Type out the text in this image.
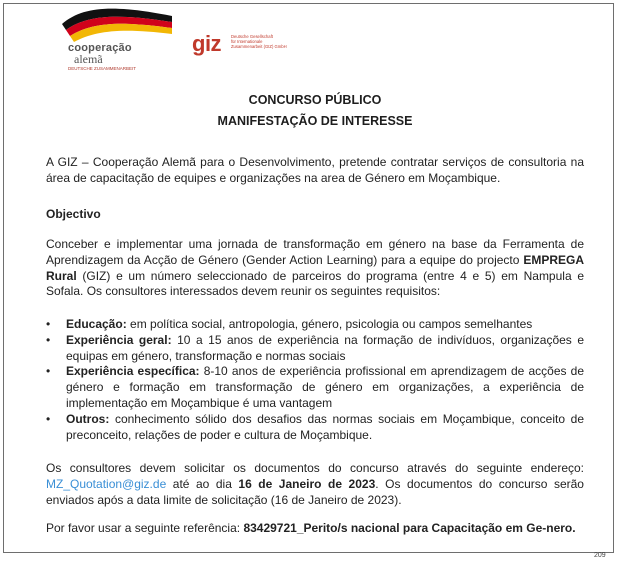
cooperação
alemã
DEUTSCHE ZUSAMMENARBEIT
giz Deutsche Gesellschaft
für Internationale
Zusammenarbeit (GIZ) GmbH
CONCURSO PÚBLICO
MANIFESTAÇÃO DE INTERESSE

A GIZ – Cooperação Alemã para o Desenvolvimento, pretende contratar serviços de consultoria na área de capacitação de equipes e organizações na area de Género em Moçambique.

Objectivo

Conceber e implementar uma jornada de transformação em género na base da Ferramenta de Aprendizagem da Acção de Género (Gender Action Learning) para a equipe do projecto EMPREGA Rural (GIZ) e um número seleccionado de parceiros do programa (entre 4 e 5) em Nampula e Sofala. Os consultores interessados devem reunir os seguintes requisitos:

• Educação: em política social, antropologia, género, psicologia ou campos semelhantes
• Experiência geral: 10 a 15 anos de experiência na formação de indivíduos, organizações e equipas em género, transformação e normas sociais
• Experiência específica: 8-10 anos de experiência profissional em aprendizagem de acções de género e formação em transformação de género em organizações, a experiência de implementação em Moçambique é uma vantagem
• Outros: conhecimento sólido dos desafios das normas sociais em Moçambique, conceito de preconceito, relações de poder e cultura de Moçambique.

Os consultores devem solicitar os documentos do concurso através do seguinte endereço: MZ_Quotation@giz.de até ao dia 16 de Janeiro de 2023. Os documentos do concurso serão enviados após a data limite de solicitação (16 de Janeiro de 2023).

Por favor usar a seguinte referência: 83429721_Perito/s nacional para Capacitação em Ge-nero.

209
